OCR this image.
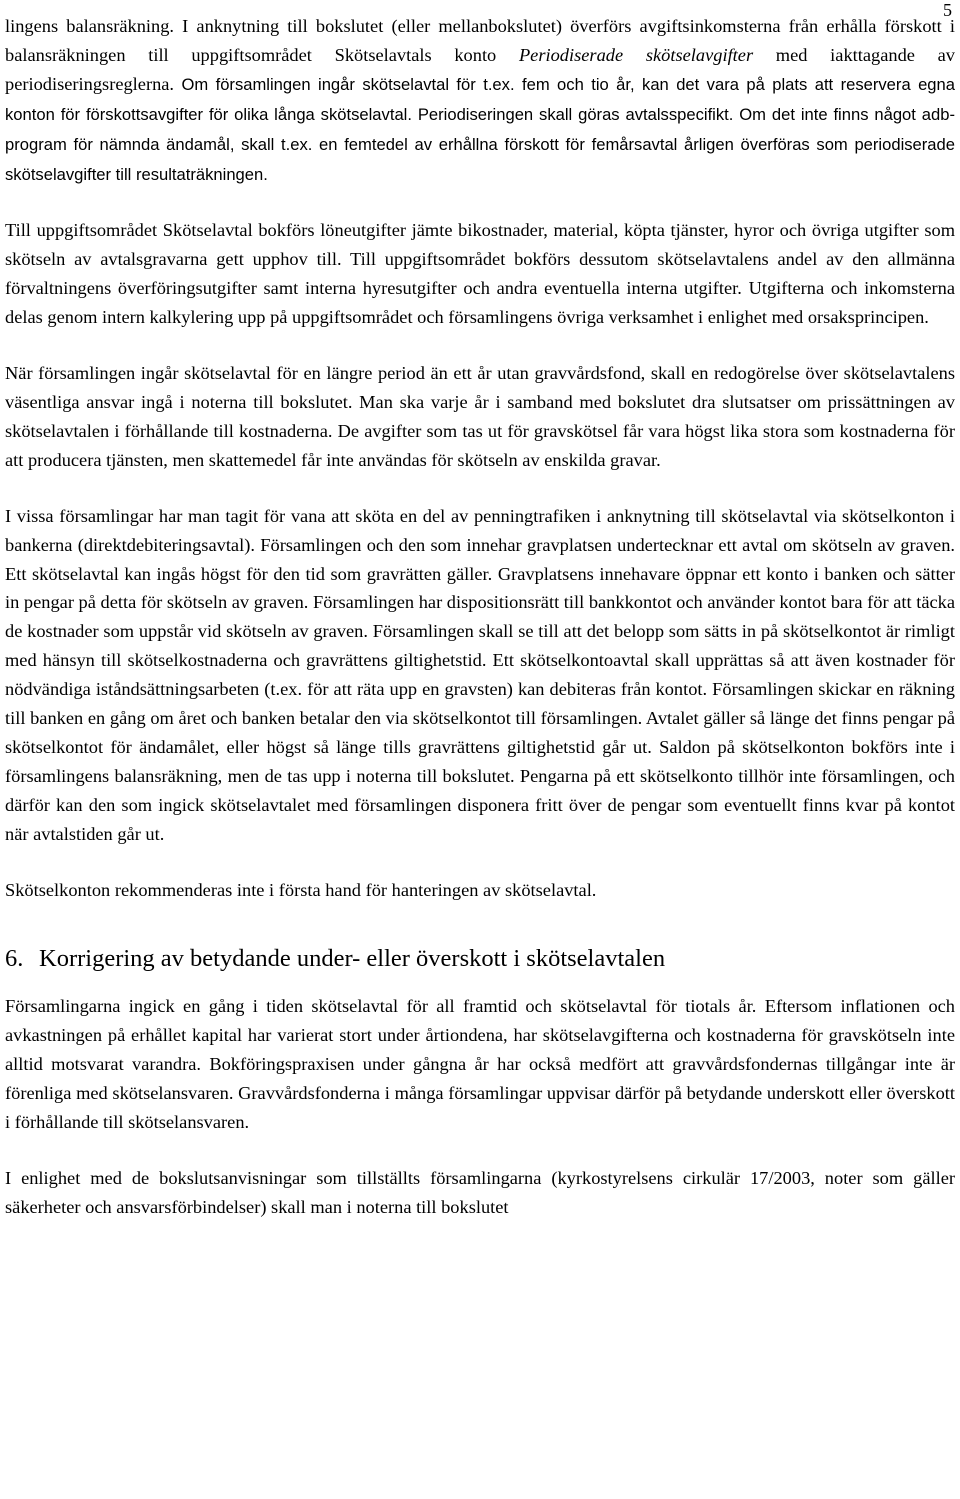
5

lingens balansräkning. I anknytning till bokslutet (eller mellanbokslutet) överförs avgiftsinkomsterna från erhålla förskott i balansräkningen till uppgiftsområdet Skötselavtals konto Periodiserade skötselavgifter med iakttagande av periodiseringsreglerna. Om församlingen ingår skötselavtal för t.ex. fem och tio år, kan det vara på plats att reservera egna konton för förskottsavgifter för olika långa skötselavtal. Periodiseringen skall göras avtalsspecifikt. Om det inte finns något adb-program för nämnda ändamål, skall t.ex. en femtedel av erhållna förskott för femårsavtal årligen överföras som periodiserade skötselavgifter till resultaträkningen.

Till uppgiftsområdet Skötselavtal bokförs löneutgifter jämte bikostnader, material, köpta tjänster, hyror och övriga utgifter som skötseln av avtalsgravarna gett upphov till. Till uppgiftsområdet bokförs dessutom skötselavtalens andel av den allmänna förvaltningens överföringsutgifter samt interna hyresutgifter och andra eventuella interna utgifter. Utgifterna och inkomsterna delas genom intern kalkylering upp på uppgiftsområdet och församlingens övriga verksamhet i enlighet med orsaksprincipen.

När församlingen ingår skötselavtal för en längre period än ett år utan gravvårdsfond, skall en redogörelse över skötselavtalens väsentliga ansvar ingå i noterna till bokslutet. Man ska varje år i samband med bokslutet dra slutsatser om prissättningen av skötselavtalen i förhållande till kostnaderna. De avgifter som tas ut för gravskötsel får vara högst lika stora som kostnaderna för att producera tjänsten, men skattemedel får inte användas för skötseln av enskilda gravar.

I vissa församlingar har man tagit för vana att sköta en del av penningtrafiken i anknytning till skötselavtal via skötselkonton i bankerna (direktdebiteringsavtal). Församlingen och den som innehar gravplatsen undertecknar ett avtal om skötseln av graven. Ett skötselavtal kan ingås högst för den tid som gravrätten gäller. Gravplatsens innehavare öppnar ett konto i banken och sätter in pengar på detta för skötseln av graven. Församlingen har dispositionsrätt till bankkontot och använder kontot bara för att täcka de kostnader som uppstår vid skötseln av graven. Församlingen skall se till att det belopp som sätts in på skötselkontot är rimligt med hänsyn till skötselkostnaderna och gravrättens giltighetstid. Ett skötselkontoavtal skall upprättas så att även kostnader för nödvändiga iståndsättningsarbeten (t.ex. för att räta upp en gravsten) kan debiteras från kontot. Församlingen skickar en räkning till banken en gång om året och banken betalar den via skötselkontot till församlingen. Avtalet gäller så länge det finns pengar på skötselkontot för ändamålet, eller högst så länge tills gravrättens giltighetstid går ut. Saldon på skötselkonton bokförs inte i församlingens balansräkning, men de tas upp i noterna till bokslutet. Pengarna på ett skötselkonto tillhör inte församlingen, och därför kan den som ingick skötselavtalet med församlingen disponera fritt över de pengar som eventuellt finns kvar på kontot när avtalstiden går ut.

Skötselkonton rekommenderas inte i första hand för hanteringen av skötselavtal.

6. Korrigering av betydande under- eller överskott i skötselavtalen

Församlingarna ingick en gång i tiden skötselavtal för all framtid och skötselavtal för tiotals år. Eftersom inflationen och avkastningen på erhållet kapital har varierat stort under årtiondena, har skötselavgifterna och kostnaderna för gravskötseln inte alltid motsvarat varandra. Bokföringspraxisen under gångna år har också medfört att gravvårdsfondernas tillgångar inte är förenliga med skötselansvaren. Gravvårdsfonderna i många församlingar uppvisar därför på betydande underskott eller överskott i förhållande till skötselansvaren.

I enlighet med de bokslutsanvisningar som tillställts församlingarna (kyrkostyrelsens cirkulär 17/2003, noter som gäller säkerheter och ansvarsförbindelser) skall man i noterna till bokslutet
